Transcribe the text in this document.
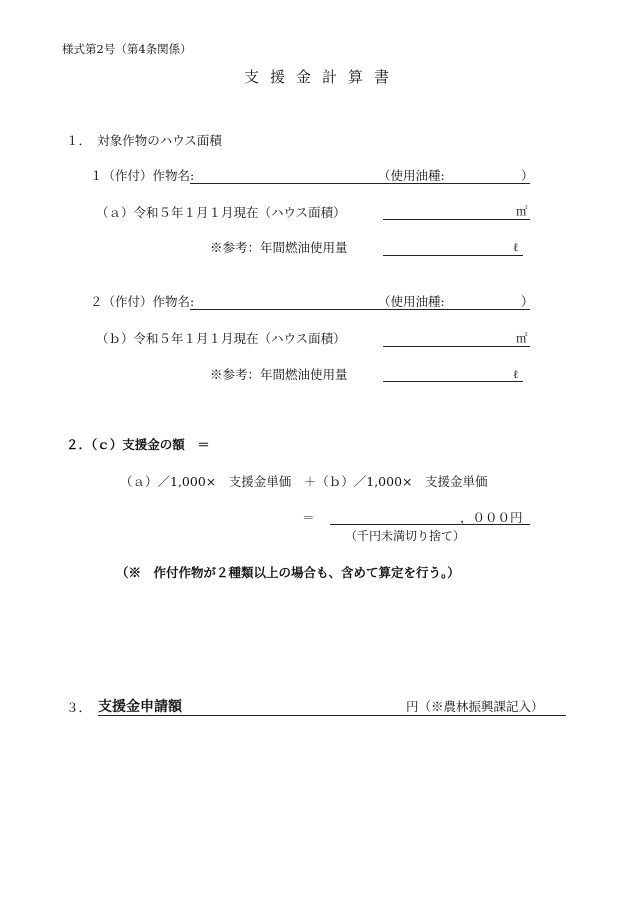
様式第2号（第4条関係）
支援金計算書
１．　対象作物のハウス面積
１（作付）作物名:	（使用油種:	）
（ａ）令和５年１月１月現在（ハウス面積）	㎡
※参考：年間燃油使用量	ℓ
２（作付）作物名:	（使用油種:	）
（ｂ）令和５年１月１月現在（ハウス面積）	㎡
※参考：年間燃油使用量	ℓ
２．（ｃ）支援金の額　＝
（ａ）／1,000×　支援金単価　＋（ｂ）／1,000×　支援金単価
＝	，０００円
（千円未満切り捨て）
（※　作付作物が２種類以上の場合も、含めて算定を行う。）
３． 支援金申請額	円（※農林振興課記入）
